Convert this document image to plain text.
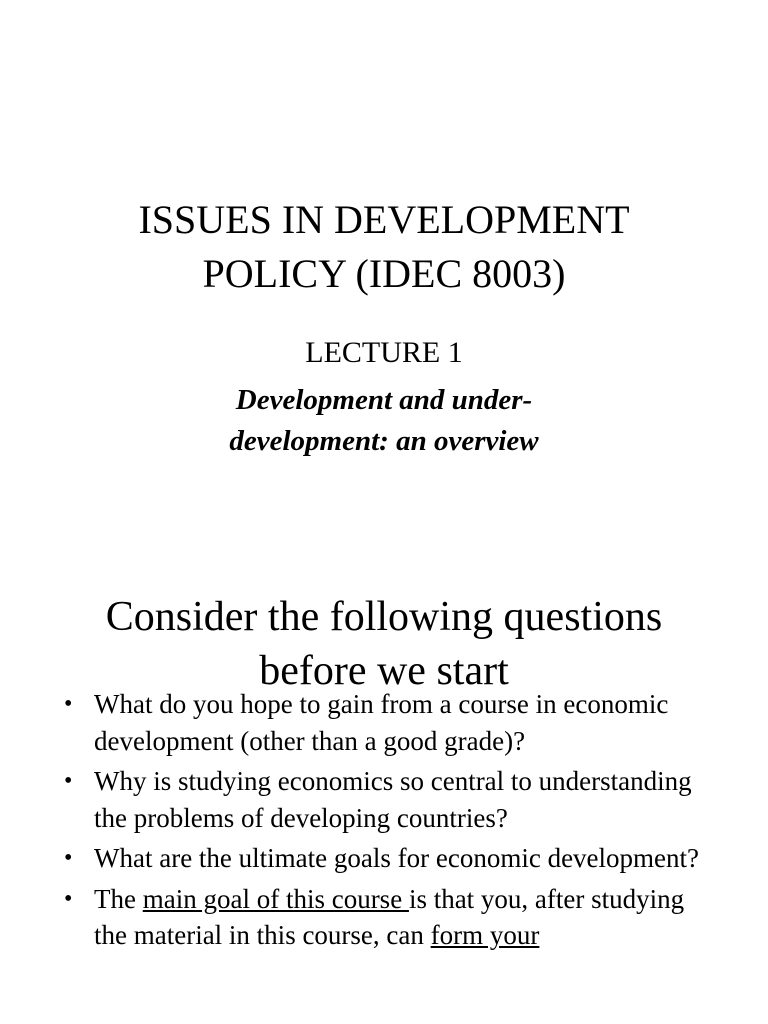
ISSUES IN DEVELOPMENT
POLICY (IDEC 8003)

LECTURE 1

Development and under-
development: an overview

Consider the following questions
before we start
• What do you hope to gain from a course in economic development (other than a good grade)?
• Why is studying economics so central to understanding the problems of developing countries?
• What are the ultimate goals for economic development?
• The main goal of this course is that you, after studying the material in this course, can form your
